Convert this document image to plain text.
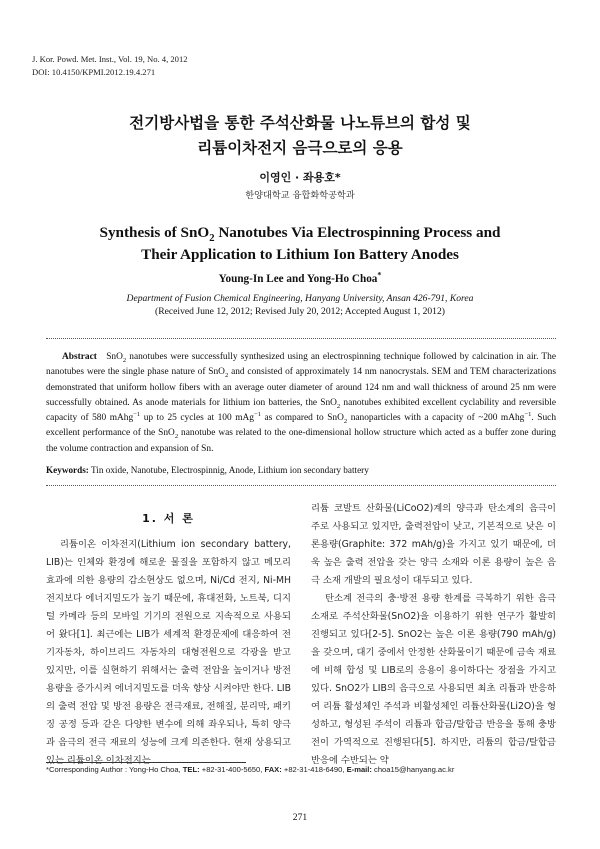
J. Kor. Powd. Met. Inst., Vol. 19, No. 4, 2012
DOI: 10.4150/KPMI.2012.19.4.271
전기방사법을 통한 주석산화물 나노튜브의 합성 및
리튬이차전지 음극으로의 응용
이영인 · 좌용호*
한양대학교 융합화학공학과
Synthesis of SnO$_2$ Nanotubes Via Electrospinning Process and
Their Application to Lithium Ion Battery Anodes
Young-In Lee and Yong-Ho Choa*
Department of Fusion Chemical Engineering, Hanyang University, Ansan 426-791, Korea
(Received June 12, 2012; Revised July 20, 2012; Accepted August 1, 2012)
Abstract SnO$_2$ nanotubes were successfully synthesized using an electrospinning technique followed by calcination in air. The nanotubes were the single phase nature of SnO$_2$ and consisted of approximately 14 nm nanocrystals. SEM and TEM characterizations demonstrated that uniform hollow fibers with an average outer diameter of around 124 nm and wall thickness of around 25 nm were successfully obtained. As anode materials for lithium ion batteries, the SnO$_2$ nanotubes exhibited excellent cyclability and reversible capacity of 580 mAhg$^{-1}$ up to 25 cycles at 100 mAg$^{-1}$ as compared to SnO$_2$ nanoparticles with a capacity of ~200 mAhg$^{-1}$. Such excellent performance of the SnO$_2$ nanotube was related to the one-dimensional hollow structure which acted as a buffer zone during the volume contraction and expansion of Sn.
Keywords: Tin oxide, Nanotube, Electrospinnig, Anode, Lithium ion secondary battery
1. 서 론

리튬이온 이차전지(Lithium ion secondary battery, LIB)는 인체와 환경에 해로운 물질을 포함하지 않고 메모리 효과에 의한 용량의 감소현상도 없으며, Ni/Cd 전지, Ni-MH 전지보다 에너지밀도가 높기 때문에, 휴대전화, 노트북, 디지털 카메라 등의 모바일 기기의 전원으로 지속적으로 사용되어 왔다[1]. 최근에는 LIB가 세계적 환경문제에 대응하여 전기자동차, 하이브리드 자동차의 대형전원으로 각광을 받고 있지만, 이를 실현하기 위해서는 출력 전압을 높이거나 방전 용량을 증가시켜 에너지밀도를 더욱 향상 시켜야만 한다. LIB의 출력 전압 및 방전 용량은 전극재료, 전해질, 분리막, 패키징 공정 등과 같은 다양한 변수에 의해 좌우되나, 특히 양극과 음극의 전극 재료의 성능에 크게 의존한다. 현재 상용되고 있는 리튬이온 이차전지는

리튬 코발트 산화물(LiCoO2)계의 양극과 탄소계의 음극이 주로 사용되고 있지만, 출력전압이 낮고, 기본적으로 낮은 이론용량(Graphite: 372 mAh/g)을 가지고 있기 때문에, 더욱 높은 출력 전압을 갖는 양극 소재와 이론 용량이 높은 음극 소재 개발의 필요성이 대두되고 있다.

탄소계 전극의 충·방전 용량 한계를 극복하기 위한 음극 소재로 주석산화물(SnO2)을 이용하기 위한 연구가 활발히 진행되고 있다[2-5]. SnO2는 높은 이론 용량(790 mAh/g)을 갖으며, 대기 중에서 안정한 산화물이기 때문에 금속 재료에 비해 합성 및 LIB로의 응용이 용이하다는 장점을 가지고 있다. SnO2가 LIB의 음극으로 사용되면 최초 리튬과 반응하여 리튬 활성체인 주석과 비활성체인 리튬산화물(Li2O)을 형성하고, 형성된 주석이 리튬과 합금/탈합금 반응을 통해 충방전이 가역적으로 진행된다[5]. 하지만, 리튬의 합금/탈합금 반응에 수반되는 약

*Corresponding Author : Yong-Ho Choa, TEL: +82-31-400-5650, FAX: +82-31-418-6490, E-mail: choa15@hanyang.ac.kr
271
